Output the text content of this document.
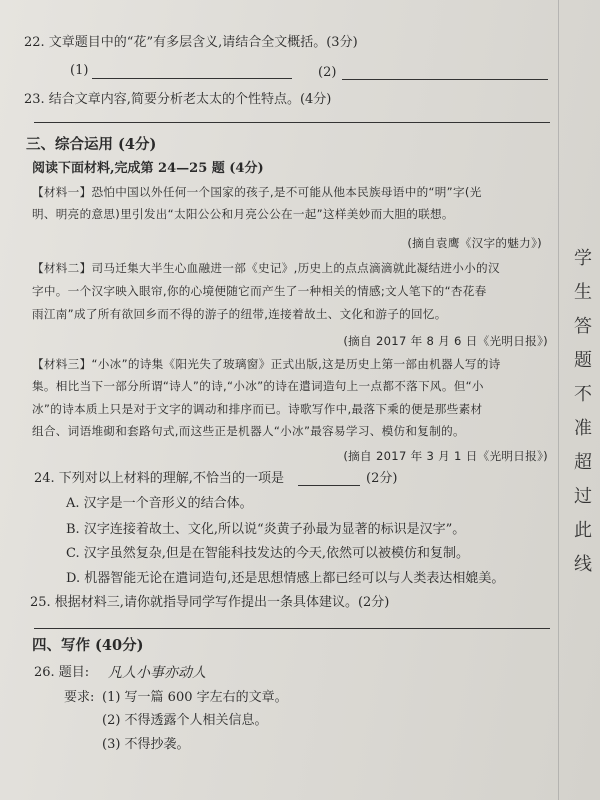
学生答题不准超过此线
22. 文章题目中的“花”有多层含义,请结合全文概括。(3分)
(1)	(2)
23. 结合文章内容,简要分析老太太的个性特点。(4分)
三、综合运用 (4分)
阅读下面材料,完成第 24—25 题 (4分)
【材料一】恐怕中国以外任何一个国家的孩子,是不可能从他本民族母语中的“明”字(光
明、明亮的意思)里引发出“太阳公公和月亮公公在一起”这样美妙而大胆的联想。
(摘自袁鹰《汉字的魅力》)
【材料二】司马迁集大半生心血融进一部《史记》,历史上的点点滴滴就此凝结进小小的汉
字中。一个汉字映入眼帘,你的心境便随它而产生了一种相关的情感;文人笔下的“杏花春
雨江南”成了所有欲回乡而不得的游子的纽带,连接着故土、文化和游子的回忆。
(摘自 2017 年 8 月 6 日《光明日报》)
【材料三】“小冰”的诗集《阳光失了玻璃窗》正式出版,这是历史上第一部由机器人写的诗
集。相比当下一部分所谓“诗人”的诗,“小冰”的诗在遣词造句上一点都不落下风。但“小
冰”的诗本质上只是对于文字的调动和排序而已。诗歌写作中,最落下乘的便是那些素材
组合、词语堆砌和套路句式,而这些正是机器人“小冰”最容易学习、模仿和复制的。
(摘自 2017 年 3 月 1 日《光明日报》)
24. 下列对以上材料的理解,不恰当的一项是	(2分)
A. 汉字是一个音形义的结合体。
B. 汉字连接着故土、文化,所以说“炎黄子孙最为显著的标识是汉字”。
C. 汉字虽然复杂,但是在智能科技发达的今天,依然可以被模仿和复制。
D. 机器智能无论在遣词造句,还是思想情感上都已经可以与人类表达相媲美。
25. 根据材料三,请你就指导同学写作提出一条具体建议。(2分)
四、写作 (40分)
26. 题目: 凡人小事亦动人
要求: (1) 写一篇 600 字左右的文章。
(2) 不得透露个人相关信息。
(3) 不得抄袭。
